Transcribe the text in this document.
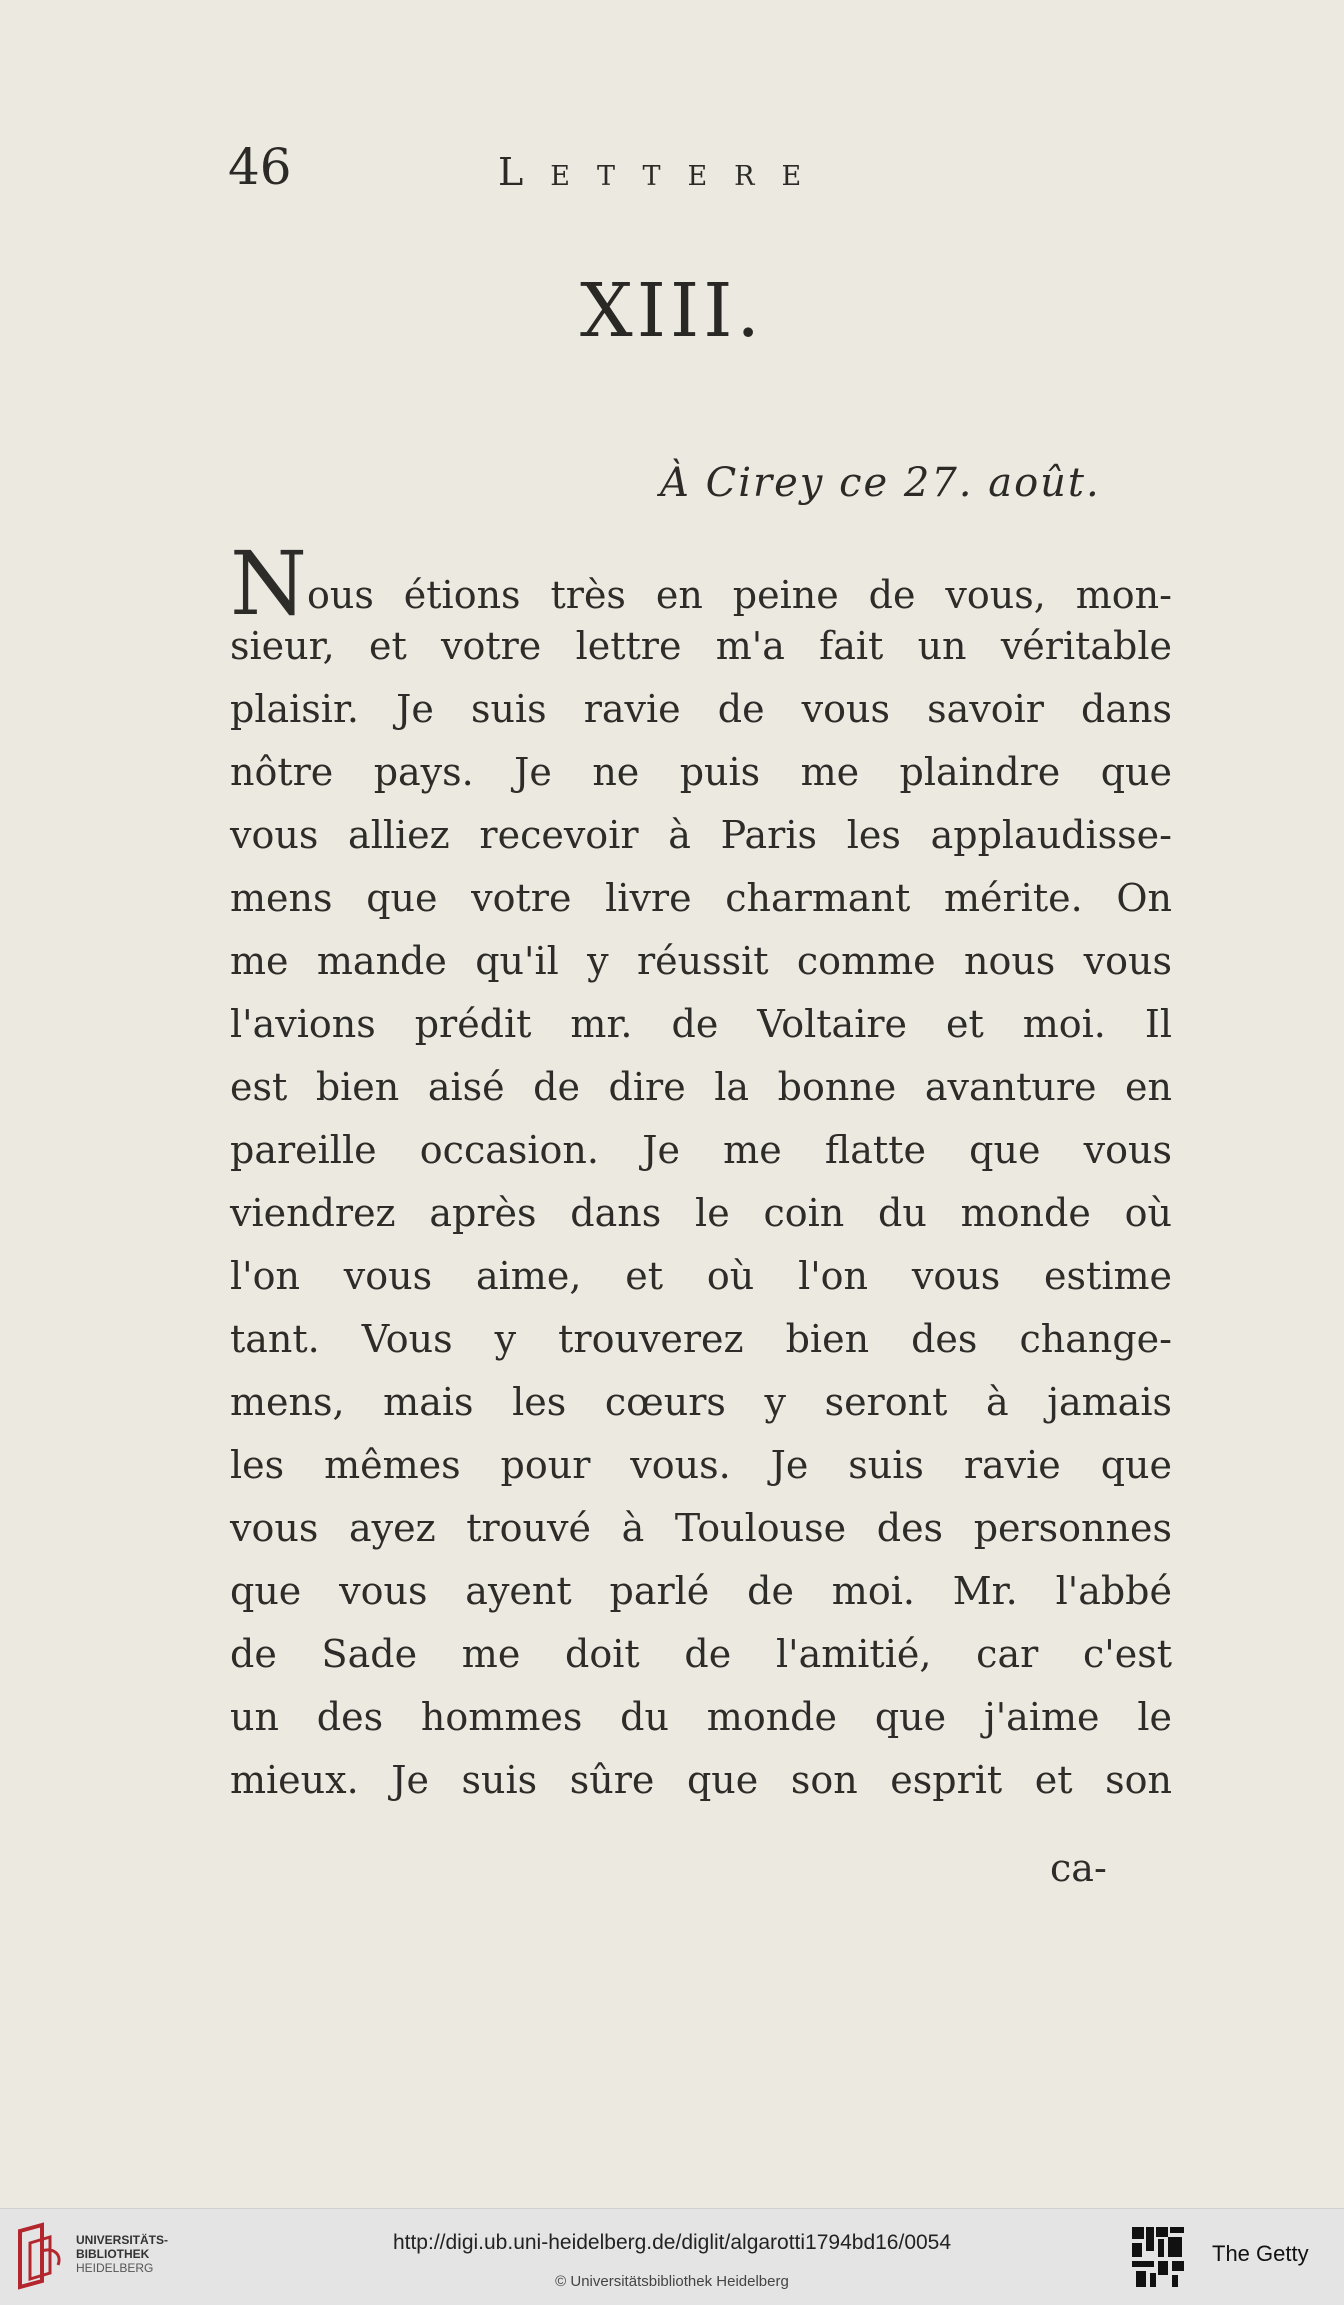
46	Lettere
XIII.
À Cirey ce 27. août.
Nous étions très en peine de vous, mon-
sieur, et votre lettre m'a fait un véritable
plaisir. Je suis ravie de vous savoir dans
nôtre pays. Je ne puis me plaindre que
vous alliez recevoir à Paris les applaudisse-
mens que votre livre charmant mérite. On
me mande qu'il y réussit comme nous vous
l'avions prédit mr. de Voltaire et moi. Il
est bien aisé de dire la bonne avanture en
pareille occasion. Je me flatte que vous
viendrez après dans le coin du monde où
l'on vous aime, et où l'on vous estime
tant. Vous y trouverez bien des change-
mens, mais les cœurs y seront à jamais
les mêmes pour vous. Je suis ravie que
vous ayez trouvé à Toulouse des personnes
que vous ayent parlé de moi. Mr. l'abbé
de Sade me doit de l'amitié, car c'est
un des hommes du monde que j'aime le
mieux. Je suis sûre que son esprit et son
ca-
UNIVERSITÄTS-
BIBLIOTHEK
HEIDELBERG
http://digi.ub.uni-heidelberg.de/diglit/algarotti1794bd16/0054
© Universitätsbibliothek Heidelberg
The Getty
